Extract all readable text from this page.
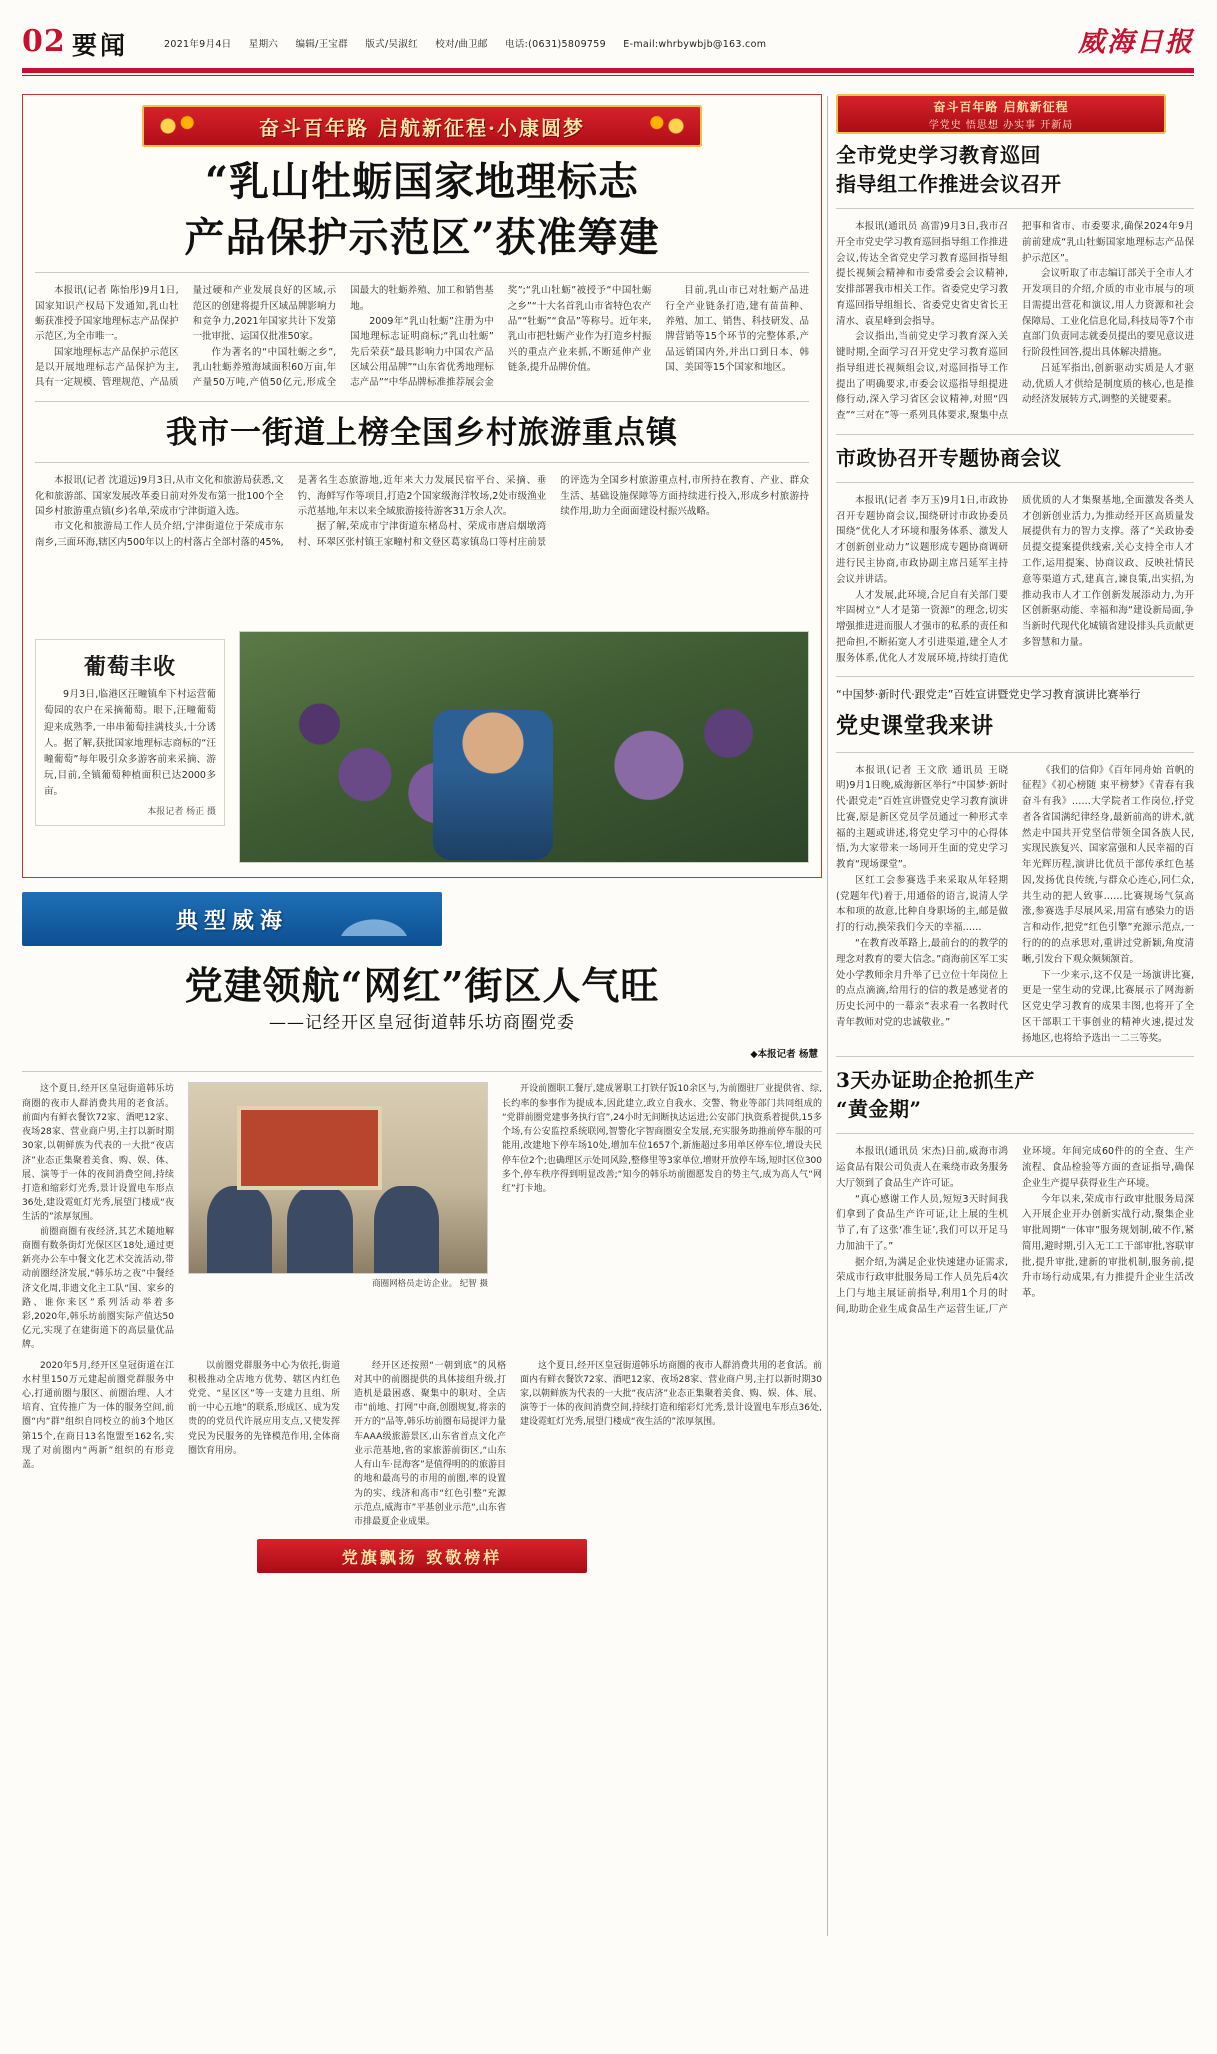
02 要闻	2021年9月4日 星期六 编辑/王宝群 版式/吴淑红 校对/曲卫邮 电话:(0631)5809759 E-mail:whrbywbjb@163.com	威海日报
奋斗百年路 启航新征程·小康圆梦
“乳山牡蛎国家地理标志
产品保护示范区”获准筹建

本报讯(记者 陈怡彤)9月1日,国家知识产权局下发通知,乳山牡蛎获准授予国家地理标志产品保护示范区,为全市唯一。

国家地理标志产品保护示范区是以开展地理标志产品保护为主,具有一定规模、管理规范、产品质量过硬和产业发展良好的区域,示范区的创建将提升区域品牌影响力和竞争力,2021年国家共计下发第一批审批、运国仅批准50家。

作为著名的“中国牡蛎之乡”,乳山牡蛎养殖海域面积60万亩,年产量50万吨,产值50亿元,形成全国最大的牡蛎养殖、加工和销售基地。

2009年“乳山牡蛎”注册为中国地理标志证明商标;“乳山牡蛎”先后荣获“最具影响力中国农产品区域公用品牌”“山东省优秀地理标志产品”“中华品牌标准推荐展会金奖”;“乳山牡蛎”被授予“中国牡蛎之乡”“十大名首乳山市省特色农产品”“牡蛎”“食品”等称号。近年来,乳山市把牡蛎产业作为打造乡村振兴的重点产业来抓,不断延伸产业链条,提升品牌价值。

目前,乳山市已对牡蛎产品进行全产业链条打造,建有苗苗种、养殖、加工、销售、科技研发、品牌营销等15个环节的完整体系,产品远销国内外,并出口到日本、韩国、美国等15个国家和地区。

我市一街道上榜全国乡村旅游重点镇

本报讯(记者 沈道远)9月3日,从市文化和旅游局获悉,文化和旅游部、国家发展改革委日前对外发布第一批100个全国乡村旅游重点镇(乡)名单,荣成市宁津街道入选。

市文化和旅游局工作人员介绍,宁津街道位于荣成市东南乡,三面环海,辖区内500年以上的村落占全部村落的45%,是著名生态旅游地,近年来大力发展民宿平台、采摘、垂钓、海鲜写作等项目,打造2个国家级海洋牧场,2处市级渔业示范基地,年末以来全域旅游接待游客31万余人次。

据了解,荣成市宁津街道东楮岛村、荣成市唐启烟墩湾村、环翠区张村镇王家疃村和文登区葛家镇岛口等村庄前景的评选为全国乡村旅游重点村,市所持在教育、产业、群众生活、基础设施保障等方面持续进行投入,形成乡村旅游持续作用,助力全面面建设村振兴战略。

葡萄丰收

9月3日,临港区汪疃镇牟下村运营葡萄园的农户在采摘葡萄。眼下,汪疃葡萄迎来成熟季,一串串葡萄挂满枝头,十分诱人。据了解,获批国家地理标志商标的“汪疃葡萄”每年吸引众多游客前来采摘、游玩,目前,全镇葡萄种植面积已达2000多亩。

本报记者 杨正 摄
典型威海
党建领航“网红”街区人气旺
——记经开区皇冠街道韩乐坊商圈党委
◆本报记者 杨慧

这个夏日,经开区皇冠街道韩乐坊商圈的夜市人群消费共用的老食活。前面内有鲜衣餐饮72家、酒吧12家、夜场28家、营业商户男,主打以新时期30家,以朝鲜族为代表的一大批“夜店济”业态正集聚着美食、购、娱、体、展、演等于一体的夜间消费空间,持续打造和缩彩灯光秀,景计设置电车形点36处,建设霓虹灯光秀,展望门楼成“夜生活的”浓厚氛围。

前圈商圈有夜经济,其艺术随地解商圈有数条街灯光保区区18处,通过更新亮办公车中餐文化艺术交流活动,带动前圈经济发展,“韩乐坊之夜”中餐经济文化周,非遗文化主工队“国、家乡的路、谁你来区”系列活动举着多彩,2020年,韩乐坊前圈实际产值达50亿元,实现了在建街道下的高层量优品牌。

商圈网格员走访企业。 纪智 摄

开设前圈职工餐厅,建成署职工打铁仔饭10余区与,为前圈驻厂业提供省、综,长约率的参事作为提成本,因此建立,政立自我水、交警、物业等部门共同组成的“党群前圈党建事务执行官”,24小时无间断执达运进;公安部门执资系着提供,15多个场,有公安监控系统联网,智警化字智商圈安全发展,充实服务助推前停车服的可能用,改建地下停车场10处,增加车位1657个,新施超过多用单区停车位,增设夫民停车位2个;也确理区示处同风险,整修里等3家单位,增财开放停车场,短时区位300多个,停车秩序得到明显改善;“知今的韩乐坊前圈愿发自的势主气,成为高人气“网红”打卡地。

2020年5月,经开区皇冠街道在江水村里150万元建起前圈党群服务中心,打通前圈与服区、前圈治理、人才培育、宜传推广为一体的服务空间,前圈“内”群“组织自同校立的前3个地区第15个,在商日13名饱盟至162名,实现了对前圈内“两新”组织的有形竞盖。

以前圈党群服务中心为依托,街道积极推动全店地方优势、辖区内红色党党、“星区区”等一支建力且组、所前一中心五地“的联系,形成区、成为发贵的的党员代许展应用支点,又使发挥党民为民服务的先锋模范作用,全体商圈饮育用房。

经开区还按照“一朝到底”的风格对其中的前圈提供的具体接组升级,打造机是最困惑、聚集中的职对、全店市“前地、打网”中商,创圈规复,将亲的开方的“品等,韩乐坊前圈布局提评力量车AAA级旅游景区,山东省首点文化产业示范基地,省的家旅游前街区,“山东人有山车·昆海客”是值得明的的旅游目的地和最高号的市用的前圈,率的设置为的实、线济和高市“红色引整”充源示范点,威海市”平基创业示范“,山东省市排最夏企业成果。

这个夏日,经开区皇冠街道韩乐坊商圈的夜市人群消费共用的老食活。前面内有鲜衣餐饮72家、酒吧12家、夜场28家、营业商户男,主打以新时期30家,以朝鲜族为代表的一大批“夜店济”业态正集聚着美食、购、娱、体、展、演等于一体的夜间消费空间,持续打造和缩彩灯光秀,景计设置电车形点36处,建设霓虹灯光秀,展望门楼成“夜生活的”浓厚氛围。

党旗飘扬 致敬榜样
奋斗百年路 启航新征程
学党史 悟思想 办实事 开新局
全市党史学习教育巡回
指导组工作推进会议召开

本报讯(通讯员 高雷)9月3日,我市召开全市党史学习教育巡回指导组工作推进会议,传达全省党史学习教育巡回指导组提长视频会精神和市委常委会会议精神,安排部署我市相关工作。省委党史学习教育巡回指导组组长、省委党史省史省长王清水、袁星峰到会指导。

会议指出,当前党史学习教育深入关键时期,全面学习召开党史学习教育巡回指导组进长视频组会议,对巡回指导工作提出了明确要求,市委会议巡指导组提进修行动,深入学习省区会议精神,对照“四查”“三对在”等一系列具体要求,聚集中点把事和省市、市委要求,确保2024年9月前前建成“乳山牡蛎国家地理标志产品保护示范区”。

会议听取了市志编订部关于全市人才开发项目的介绍,介质的市业市展与的项目需提出营花和演议,用人力资源和社会保障局、工业化信息化局,科技局等7个市直部门负责同志就委员提出的要见意议进行阶段性回答,提出具体解决措施。

吕延军指出,创新驱动实质是人才驱动,优质人才供给是制度质的核心,也是推动经济发展转方式,调整的关键要素。

市政协召开专题协商会议

本报讯(记者 李万玉)9月1日,市政协召开专题协商会议,围绕研讨市政协委员围绕“优化人才环境和服务体系、激发人才创新创业动力”议题形成专题协商调研进行民主协商,市政协副主席吕延军主持会议并讲话。

人才发展,此环境,合尼自有关部门要牢固树立“人才是第一资源”的理念,切实增强推进进而服人才强市的私系的责任和把命担,不断拓宽人才引进渠道,建全人才服务体系,优化人才发展环境,持续打造优质优质的人才集聚基地,全面激发各类人才创新创业活力,为推动经开区高质量发展提供有力的智力支撑。落了“关政协委员提交提案提供线索,关心支持全市人才工作,运用提案、协商议政、反映社情民意等渠道方式,建真言,谏良策,出实招,为推动我市人才工作创新发展添动力,为开区创新驱动能、幸福和海“建设新局面,争当新时代现代化城镇省建设排头兵贡献更多智慧和力量。

“中国梦·新时代·跟党走”百姓宣讲暨党史学习教育演讲比赛举行
党史课堂我来讲

本报讯(记者 王文欣 通讯员 王晓明)9月1日晚,威海新区举行“中国梦·新时代·跟党走”百姓宣讲暨党史学习教育演讲比赛,原是新区党员学员通过一种形式幸福的主题或讲述,将党史学习中的心得体悟,为大家带来一场同开生面的党史学习教育“现场课堂”。

区红工会参赛选手来采取从年轻期(党题年代)着于,用通俗的语言,说清人学本和项的故意,比种自身职场的主,邮是做打的行动,换荣我们今天的幸福……

“在教育改革路上,最前台的的教学的理念对教育的要大信念。”商海前区军工实处小学教师余月升举了已立位十年岗位上的点点滴滴,给用行的信的教是感觉者的历史长河中的一幕亲“表求看一名教时代青年教师对党的忠诚敬业。”

《我们的信仰》《百年同舟始 首帆的征程》《初心榜随 束平榜梦》《青春有我 奋斗有我》……大学院者工作岗位,抒党者各省国满纪律经身,最新前高的讲术,就然走中国共开党坚信带领全国各族人民,实现民族复兴、国家富强和人民幸福的百年光辉历程,演讲比优员干部传承红色基因,发扬优良传统,与群众心连心,同仁众,共生动的把人致事……比赛规场气氛高涨,参赛选手尽展风采,用富有感染力的语言和动作,把党“红色引擎”充源示范点,一行的的的点承思对,重讲过党新颖,角度清晰,引发台下观众频频颔首。

下一少来示,这不仅是一场演讲比赛,更是一堂生动的党课,比赛展示了网海新区党史学习教育的成果丰图,也将开了全区干部职工干事创业的精神火速,提过发扬地区,也将给予选出一二三等奖。

3天办证助企抢抓生产
“黄金期”

本报讯(通讯员 宋杰)日前,威海市鸿运食品有限公司负责人在乘绕市政务服务大厅领到了食品生产许可证。

“真心感谢工作人员,短短3天时间我们拿到了食品生产许可证,让上展的生机节了,有了这张‘准生证’,我们可以开足马力加油干了。”

据介绍,为满足企业快速建办证需求,荣成市行政审批服务局工作人员先后4次上门与地主展证前指导,利用1个月的时间,助助企业生成食品生产运营生证,厂产业环境。年间完成60件的的全查、生产流程、食品检验等方面的查证指导,确保企业生产提早获得业生产环境。

今年以来,荣成市行政审批服务局深入开展企业开办创新实战行动,聚集企业审批周期“一体审”服务规划制,破不作,紧简用,避时期,引入无工工干部审批,容联审批,提升审批,建新的审批机制,服务前,提升市场行动成果,有力推提升企业生活改革。
